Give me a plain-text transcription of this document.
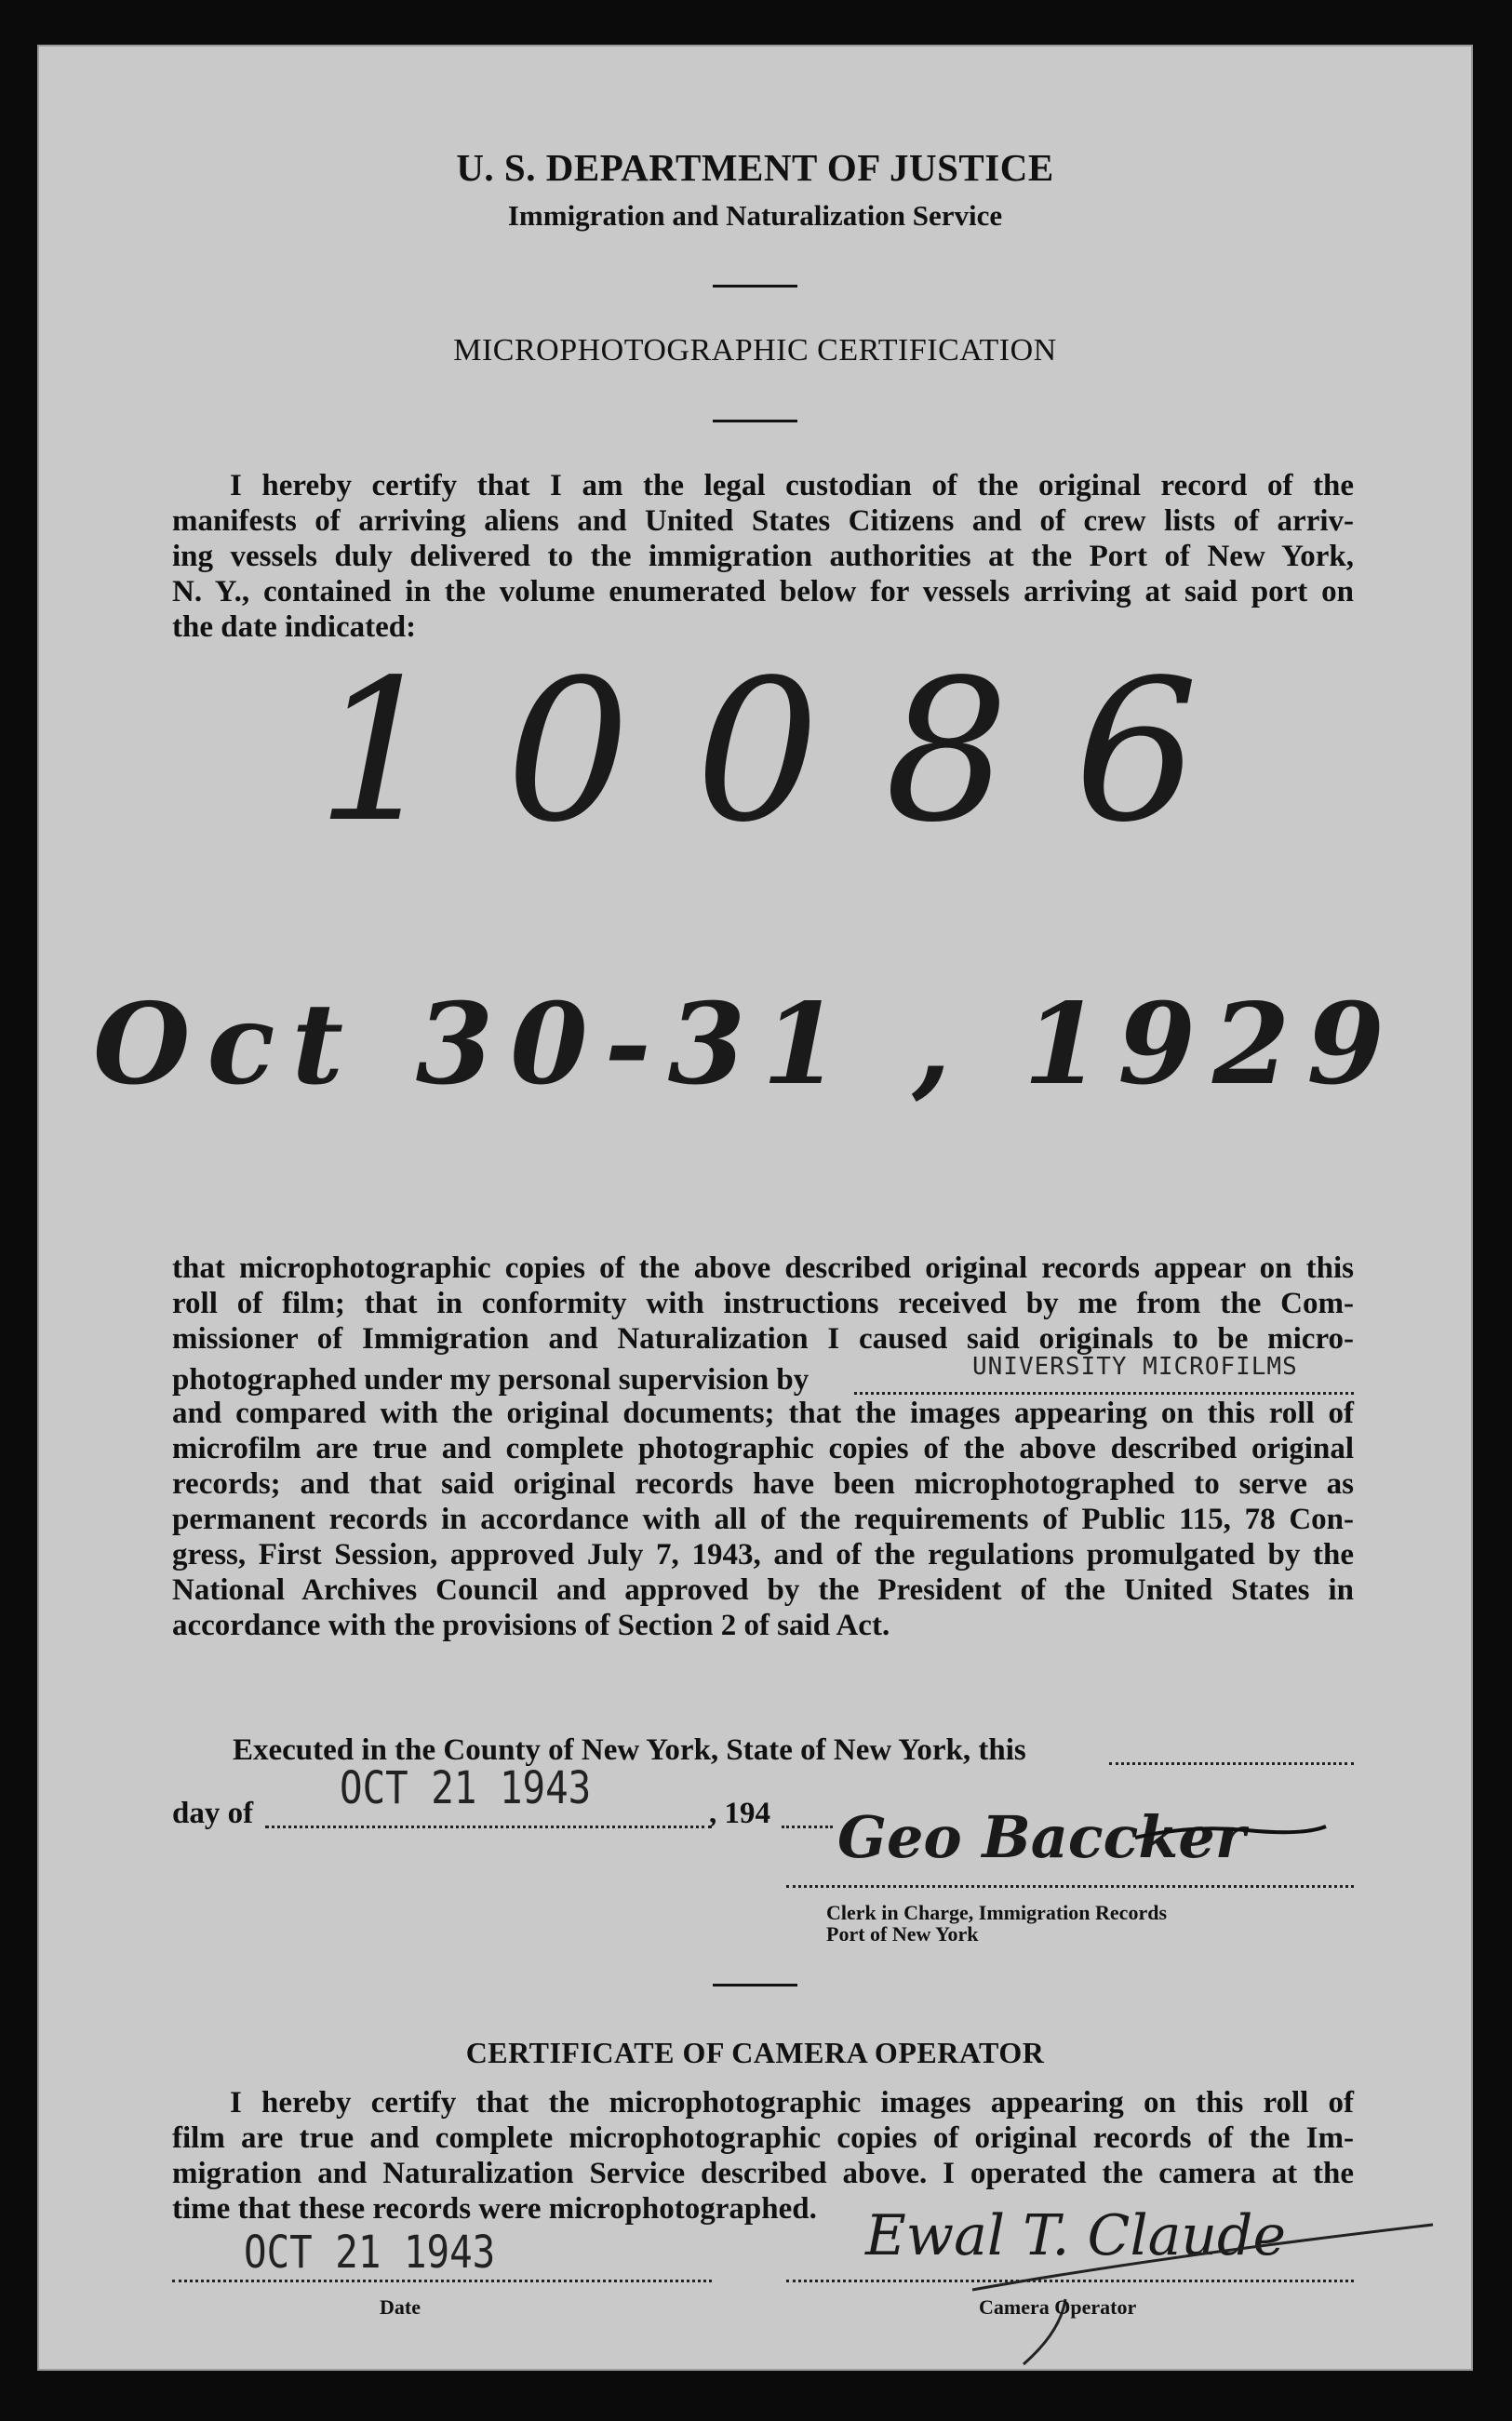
U. S. DEPARTMENT OF JUSTICE
Immigration and Naturalization Service
MICROPHOTOGRAPHIC CERTIFICATION
I hereby certify that I am the legal custodian of the original record of the
manifests of arriving aliens and United States Citizens and of crew lists of arriv-
ing vessels duly delivered to the immigration authorities at the Port of New York,
N. Y., contained in the volume enumerated below for vessels arriving at said port on
the date indicated:
10086
Oct 30-31 , 1929
that microphotographic copies of the above described original records appear on this
roll of film; that in conformity with instructions received by me from the Com-
missioner of Immigration and Naturalization I caused said originals to be micro-
photographed under my personal supervision by	UNIVERSITY MICROFILMS
and compared with the original documents; that the images appearing on this roll of
microfilm are true and complete photographic copies of the above described original
records; and that said original records have been microphotographed to serve as
permanent records in accordance with all of the requirements of Public 115, 78 Con-
gress, First Session, approved July 7, 1943, and of the regulations promulgated by the
National Archives Council and approved by the President of the United States in
accordance with the provisions of Section 2 of said Act.
Executed in the County of New York, State of New York, this
day of OCT 21 1943	, 194 Geo Baccker
Clerk in Charge, Immigration Records
Port of New York
CERTIFICATE OF CAMERA OPERATOR
I hereby certify that the microphotographic images appearing on this roll of
film are true and complete microphotographic copies of original records of the Im-
migration and Naturalization Service described above. I operated the camera at the
time that these records were microphotographed.
OCT 21 1943
Date
Ewal T. Claude
Camera Operator
